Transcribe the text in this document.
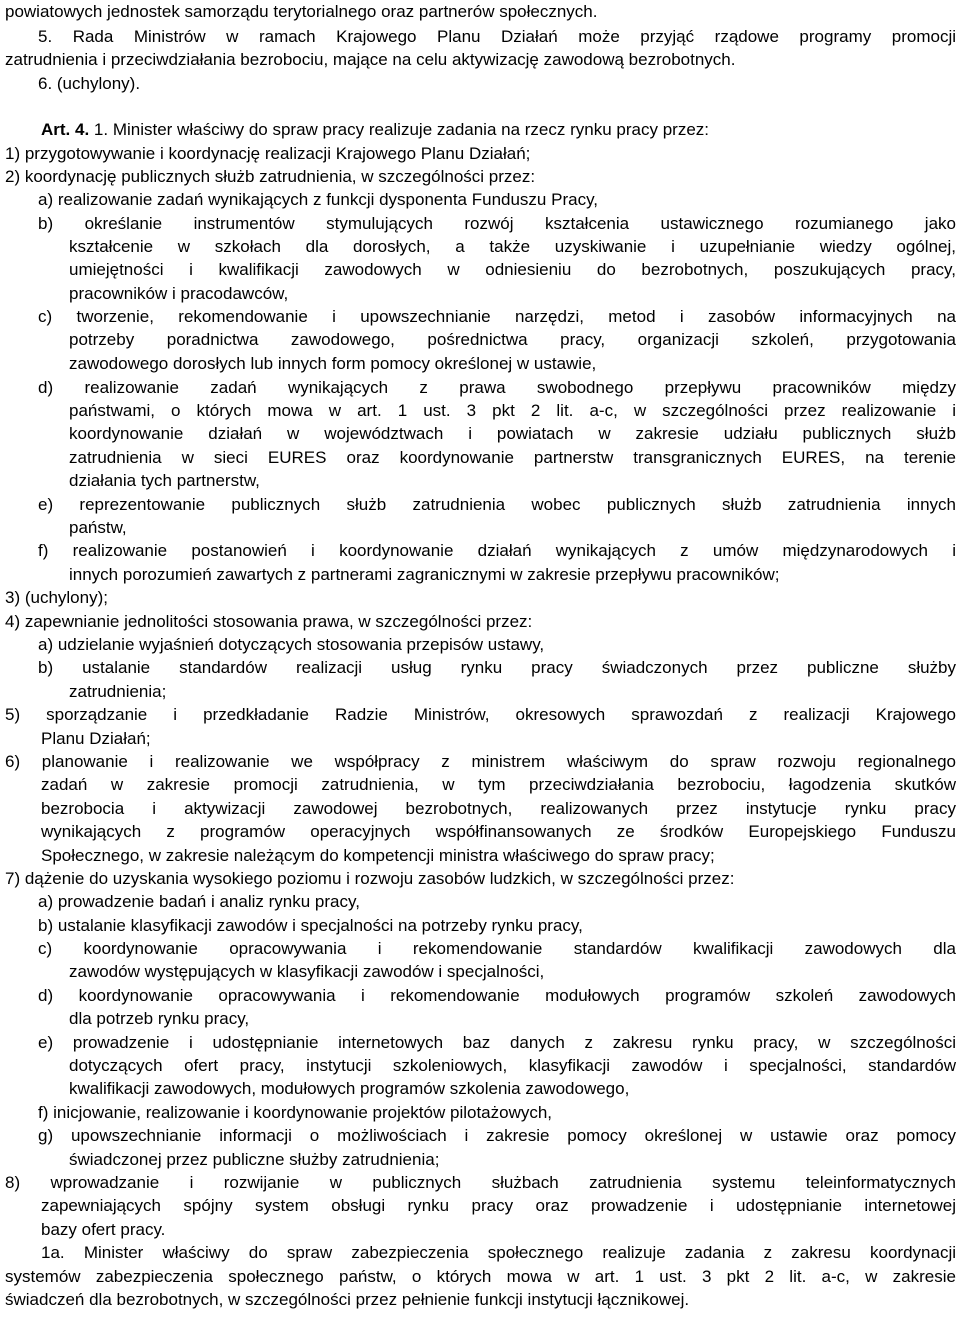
Art. 4. 1. Minister właściwy do spraw pracy realizuje zadania na rzecz rynku pracy przez:
powiatowych jednostek samorządu terytorialnego oraz partnerów społecznych.
5. Rada Ministrów w ramach Krajowego Planu Działań może przyjąć rządowe programy promocji
zatrudnienia i przeciwdziałania bezrobociu, mające na celu aktywizację zawodową bezrobotnych.
6. (uchylony).
1) przygotowywanie i koordynację realizacji Krajowego Planu Działań;
2) koordynację publicznych służb zatrudnienia, w szczególności przez:
a) realizowanie zadań wynikających z funkcji dysponenta Funduszu Pracy,
b) określanie instrumentów stymulujących rozwój kształcenia ustawicznego rozumianego jako
kształcenie w szkołach dla dorosłych, a także uzyskiwanie i uzupełnianie wiedzy ogólnej,
umiejętności i kwalifikacji zawodowych w odniesieniu do bezrobotnych, poszukujących pracy,
pracowników i pracodawców,
c) tworzenie, rekomendowanie i upowszechnianie narzędzi, metod i zasobów informacyjnych na
potrzeby poradnictwa zawodowego, pośrednictwa pracy, organizacji szkoleń, przygotowania
zawodowego dorosłych lub innych form pomocy określonej w ustawie,
d) realizowanie zadań wynikających z prawa swobodnego przepływu pracowników między
państwami, o których mowa w art. 1 ust. 3 pkt 2 lit. a-c, w szczególności przez realizowanie i
koordynowanie działań w województwach i powiatach w zakresie udziału publicznych służb
zatrudnienia w sieci EURES oraz koordynowanie partnerstw transgranicznych EURES, na terenie
działania tych partnerstw,
e) reprezentowanie publicznych służb zatrudnienia wobec publicznych służb zatrudnienia innych
państw,
f) realizowanie postanowień i koordynowanie działań wynikających z umów międzynarodowych i
innych porozumień zawartych z partnerami zagranicznymi w zakresie przepływu pracowników;
3) (uchylony);
4) zapewnianie jednolitości stosowania prawa, w szczególności przez:
a) udzielanie wyjaśnień dotyczących stosowania przepisów ustawy,
b) ustalanie standardów realizacji usług rynku pracy świadczonych przez publiczne służby
zatrudnienia;
5) sporządzanie i przedkładanie Radzie Ministrów, okresowych sprawozdań z realizacji Krajowego
Planu Działań;
6) planowanie i realizowanie we współpracy z ministrem właściwym do spraw rozwoju regionalnego
zadań w zakresie promocji zatrudnienia, w tym przeciwdziałania bezrobociu, łagodzenia skutków
bezrobocia i aktywizacji zawodowej bezrobotnych, realizowanych przez instytucje rynku pracy
wynikających z programów operacyjnych współfinansowanych ze środków Europejskiego Funduszu
Społecznego, w zakresie należącym do kompetencji ministra właściwego do spraw pracy;
7) dążenie do uzyskania wysokiego poziomu i rozwoju zasobów ludzkich, w szczególności przez:
a) prowadzenie badań i analiz rynku pracy,
b) ustalanie klasyfikacji zawodów i specjalności na potrzeby rynku pracy,
c) koordynowanie opracowywania i rekomendowanie standardów kwalifikacji zawodowych dla
zawodów występujących w klasyfikacji zawodów i specjalności,
d) koordynowanie opracowywania i rekomendowanie modułowych programów szkoleń zawodowych
dla potrzeb rynku pracy,
e) prowadzenie i udostępnianie internetowych baz danych z zakresu rynku pracy, w szczególności
dotyczących ofert pracy, instytucji szkoleniowych, klasyfikacji zawodów i specjalności, standardów
kwalifikacji zawodowych, modułowych programów szkolenia zawodowego,
f) inicjowanie, realizowanie i koordynowanie projektów pilotażowych,
g) upowszechnianie informacji o możliwościach i zakresie pomocy określonej w ustawie oraz pomocy
świadczonej przez publiczne służby zatrudnienia;
8) wprowadzanie i rozwijanie w publicznych służbach zatrudnienia systemu teleinformatycznych
zapewniających spójny system obsługi rynku pracy oraz prowadzenie i udostępnianie internetowej
bazy ofert pracy.
1a. Minister właściwy do spraw zabezpieczenia społecznego realizuje zadania z zakresu koordynacji
systemów zabezpieczenia społecznego państw, o których mowa w art. 1 ust. 3 pkt 2 lit. a-c, w zakresie
świadczeń dla bezrobotnych, w szczególności przez pełnienie funkcji instytucji łącznikowej.
